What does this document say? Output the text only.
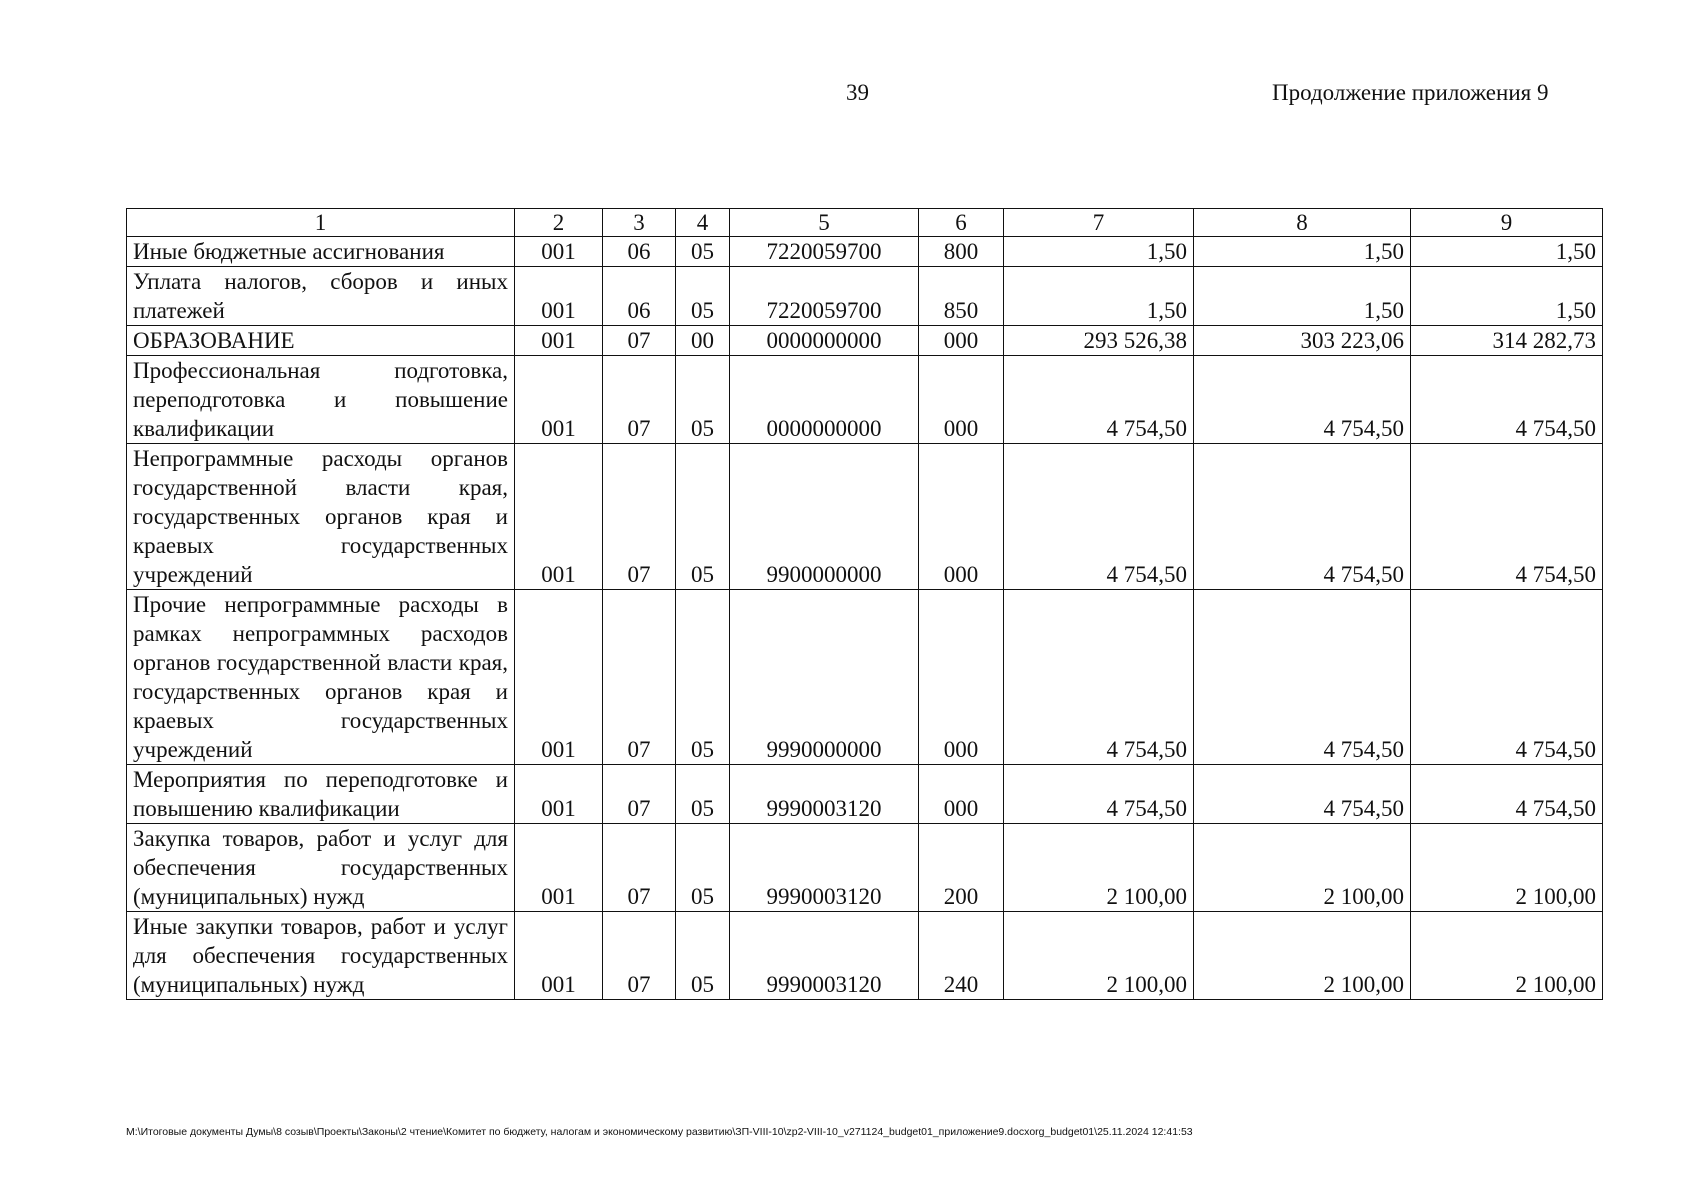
39	Продолжение приложения 9
1	2	3	4	5	6	7	8	9
Иные бюджетные ассигнования	001	06	05	7220059700	800	1,50	1,50	1,50
Уплата налогов, сборов и иных платежей	001	06	05	7220059700	850	1,50	1,50	1,50
ОБРАЗОВАНИЕ	001	07	00	0000000000	000	293 526,38	303 223,06	314 282,73
Профессиональная подготовка, переподготовка и повышение квалификации	001	07	05	0000000000	000	4 754,50	4 754,50	4 754,50
Непрограммные расходы органов государственной власти края, государственных органов края и краевых государственных учреждений	001	07	05	9900000000	000	4 754,50	4 754,50	4 754,50
Прочие непрограммные расходы в рамках непрограммных расходов органов государственной власти края, государственных органов края и краевых государственных учреждений	001	07	05	9990000000	000	4 754,50	4 754,50	4 754,50
Мероприятия по переподготовке и повышению квалификации	001	07	05	9990003120	000	4 754,50	4 754,50	4 754,50
Закупка товаров, работ и услуг для обеспечения государственных (муниципальных) нужд	001	07	05	9990003120	200	2 100,00	2 100,00	2 100,00
Иные закупки товаров, работ и услуг для обеспечения государственных (муниципальных) нужд	001	07	05	9990003120	240	2 100,00	2 100,00	2 100,00
M:\Итоговые документы Думы\8 созыв\Проекты\Законы\2 чтение\Комитет по бюджету, налогам и экономическому развитию\ЗП-VIII-10\zp2-VIII-10_v271124_budget01_приложение9.docxorg_budget01\25.11.2024 12:41:53
